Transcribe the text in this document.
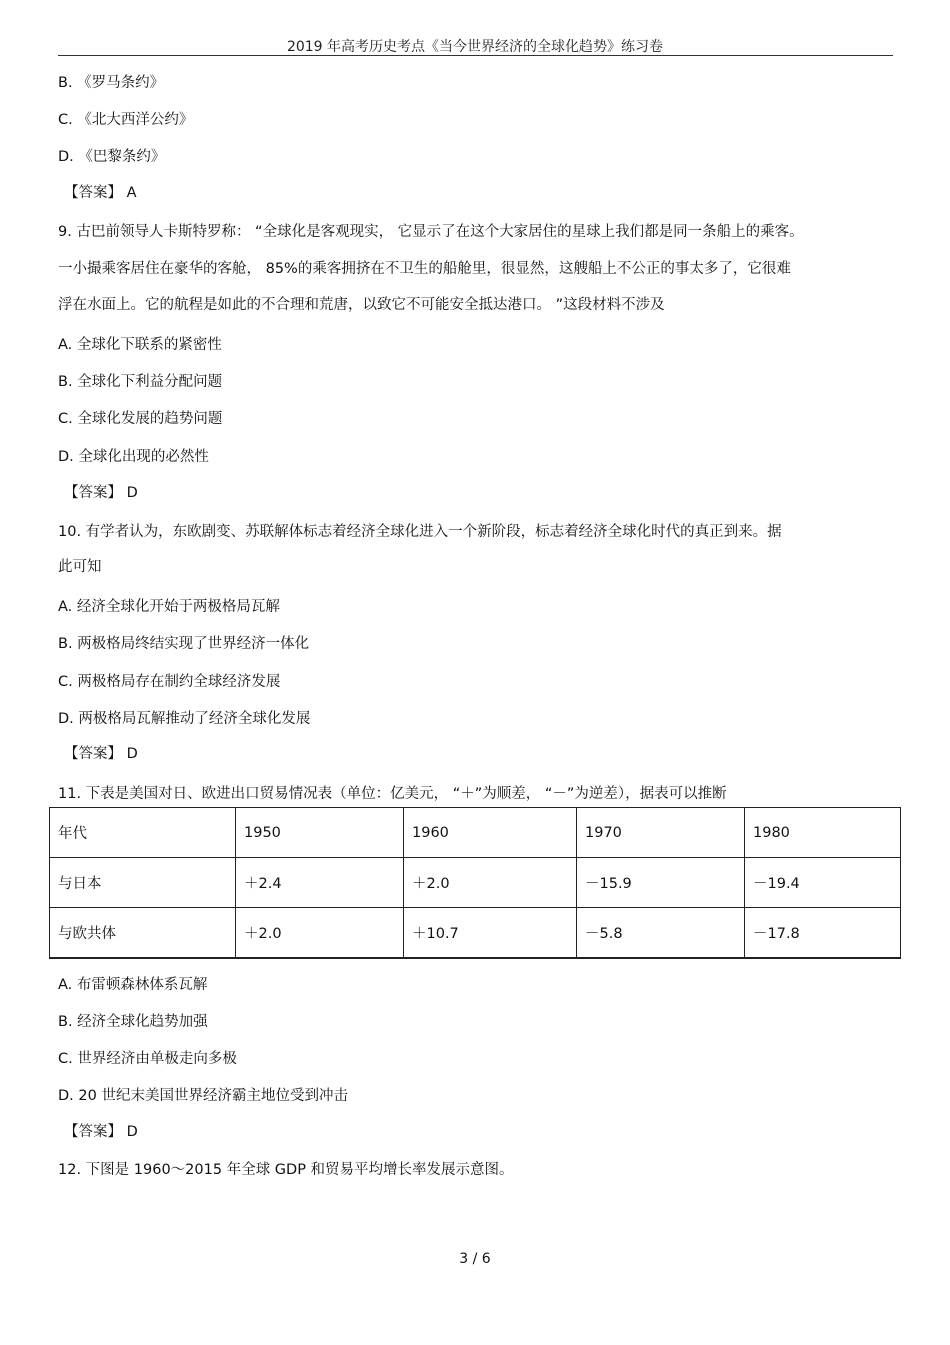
2019 年高考历史考点《当今世界经济的全球化趋势》练习卷
B. 《罗马条约》
C. 《北大西洋公约》
D. 《巴黎条约》
【答案】 A
9. 古巴前领导人卡斯特罗称： “全球化是客观现实， 它显示了在这个大家居住的星球上我们都是同一条船上的乘客。
一小撮乘客居住在豪华的客舱， 85%的乘客拥挤在不卫生的船舱里，很显然，这艘船上不公正的事太多了，它很难
浮在水面上。它的航程是如此的不合理和荒唐，以致它不可能安全抵达港口。 ”这段材料不涉及
A. 全球化下联系的紧密性
B. 全球化下利益分配问题
C. 全球化发展的趋势问题
D. 全球化出现的必然性
【答案】 D
10. 有学者认为，东欧剧变、苏联解体标志着经济全球化进入一个新阶段，标志着经济全球化时代的真正到来。据
此可知
A. 经济全球化开始于两极格局瓦解
B. 两极格局终结实现了世界经济一体化
C. 两极格局存在制约全球经济发展
D. 两极格局瓦解推动了经济全球化发展
【答案】 D
11. 下表是美国对日、欧进出口贸易情况表（单位：亿美元， “＋”为顺差， “－”为逆差），据表可以推断
年代	1950	1960	1970	1980
与日本	＋2.4	＋2.0	－15.9	－19.4
与欧共体	＋2.0	＋10.7	－5.8	－17.8
A. 布雷顿森林体系瓦解
B. 经济全球化趋势加强
C. 世界经济由单极走向多极
D. 20 世纪末美国世界经济霸主地位受到冲击
【答案】 D
12. 下图是 1960～2015 年全球 GDP 和贸易平均增长率发展示意图。
3 / 6
